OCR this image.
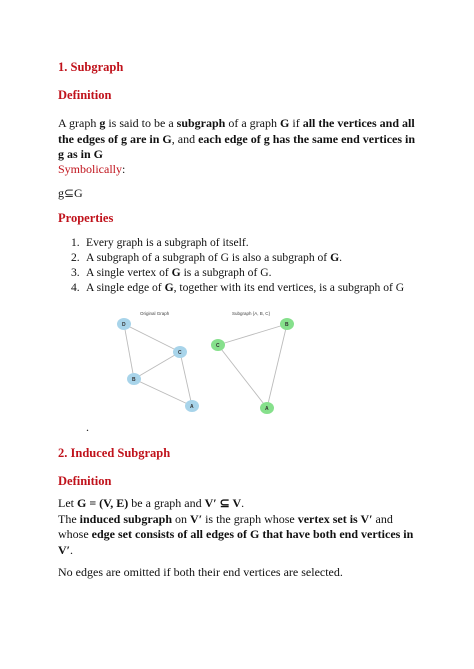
1. Subgraph
Definition
A graph g is said to be a subgraph of a graph G if all the vertices and all the edges of g are in G, and each edge of g has the same end vertices in g as in G
Symbolically:
g⊆G
Properties
1. Every graph is a subgraph of itself.
2. A subgraph of a subgraph of G is also a subgraph of G.
3. A single vertex of G is a subgraph of G.
4. A single edge of G, together with its end vertices, is a subgraph of G
Original Graph	Subgraph {A, B, C}
D
C
B
A
C
B
A
.
2. Induced Subgraph
Definition
Let G = (V, E) be a graph and V′ ⊆ V.
The induced subgraph on V′ is the graph whose vertex set is V′ and whose edge set consists of all edges of G that have both end vertices in V′.
No edges are omitted if both their end vertices are selected.
